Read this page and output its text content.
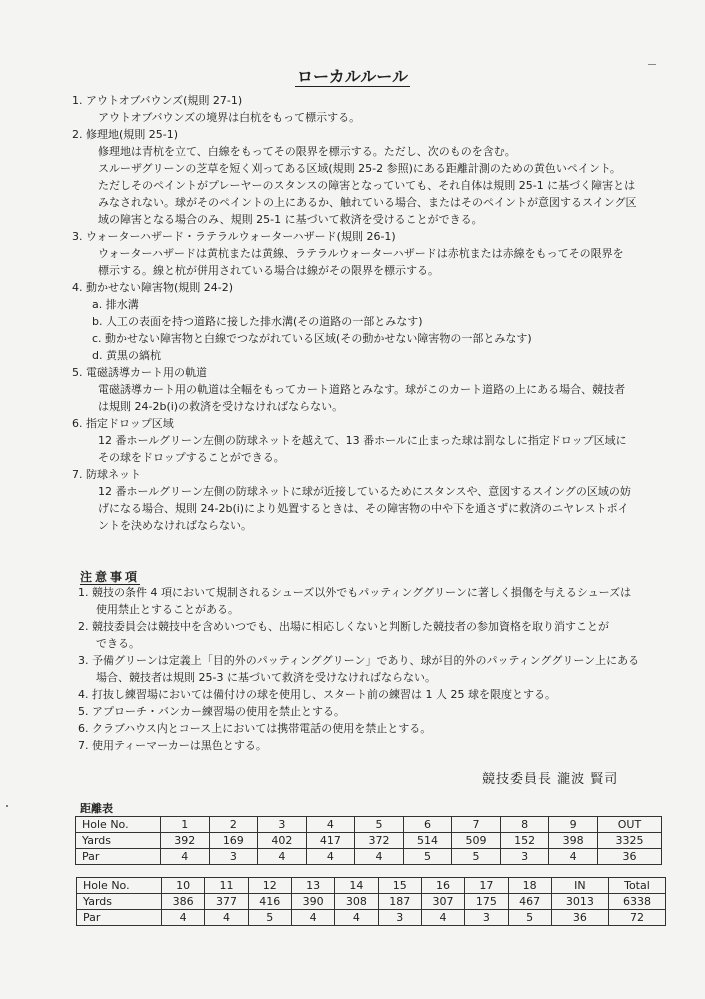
ローカルルール
1. アウトオブバウンズ(規則 27-1)
アウトオブバウンズの境界は白杭をもって標示する。
2. 修理地(規則 25-1)
修理地は青杭を立て、白線をもってその限界を標示する。ただし、次のものを含む。
スルーザグリーンの芝草を短く刈ってある区域(規則 25-2 参照)にある距離計測のための黄色いペイント。
ただしそのペイントがプレーヤーのスタンスの障害となっていても、それ自体は規則 25-1 に基づく障害とは
みなされない。球がそのペイントの上にあるか、触れている場合、またはそのペイントが意図するスイング区
域の障害となる場合のみ、規則 25-1 に基づいて救済を受けることができる。
3. ウォーターハザード・ラテラルウォーターハザード(規則 26-1)
ウォーターハザードは黄杭または黄線、ラテラルウォーターハザードは赤杭または赤線をもってその限界を
標示する。線と杭が併用されている場合は線がその限界を標示する。
4. 動かせない障害物(規則 24-2)
a. 排水溝
b. 人工の表面を持つ道路に接した排水溝(その道路の一部とみなす)
c. 動かせない障害物と白線でつながれている区域(その動かせない障害物の一部とみなす)
d. 黄黒の縞杭
5. 電磁誘導カート用の軌道
電磁誘導カート用の軌道は全幅をもってカート道路とみなす。球がこのカート道路の上にある場合、競技者
は規則 24-2b(i)の救済を受けなければならない。
6. 指定ドロップ区域
12 番ホールグリーン左側の防球ネットを越えて、13 番ホールに止まった球は罰なしに指定ドロップ区域に
その球をドロップすることができる。
7. 防球ネット
12 番ホールグリーン左側の防球ネットに球が近接しているためにスタンスや、意図するスイングの区域の妨
げになる場合、規則 24-2b(ⅰ)により処置するときは、その障害物の中や下を通さずに救済のニヤレストポイ
ントを決めなければならない。
注意事項
1. 競技の条件 4 項において規制されるシューズ以外でもパッティンググリーンに著しく損傷を与えるシューズは
使用禁止とすることがある。
2. 競技委員会は競技中を含めいつでも、出場に相応しくないと判断した競技者の参加資格を取り消すことが
できる。
3. 予備グリーンは定義上「目的外のパッティンググリーン」であり、球が目的外のパッティンググリーン上にある
場合、競技者は規則 25-3 に基づいて救済を受けなければならない。
4. 打抜し練習場においては備付けの球を使用し、スタート前の練習は 1 人 25 球を限度とする。
5. アプローチ・バンカー練習場の使用を禁止とする。
6. クラブハウス内とコース上においては携帯電話の使用を禁止とする。
7. 使用ティーマーカーは黒色とする。
競技委員長 瀧波 賢司
距離表
Hole No.	1	2	3	4	5	6	7	8	9	OUT
Yards	392	169	402	417	372	514	509	152	398	3325
Par	4	3	4	4	4	5	5	3	4	36
Hole No.	10	11	12	13	14	15	16	17	18	IN	Total
Yards	386	377	416	390	308	187	307	175	467	3013	6338
Par	4	4	5	4	4	3	4	3	5	36	72
